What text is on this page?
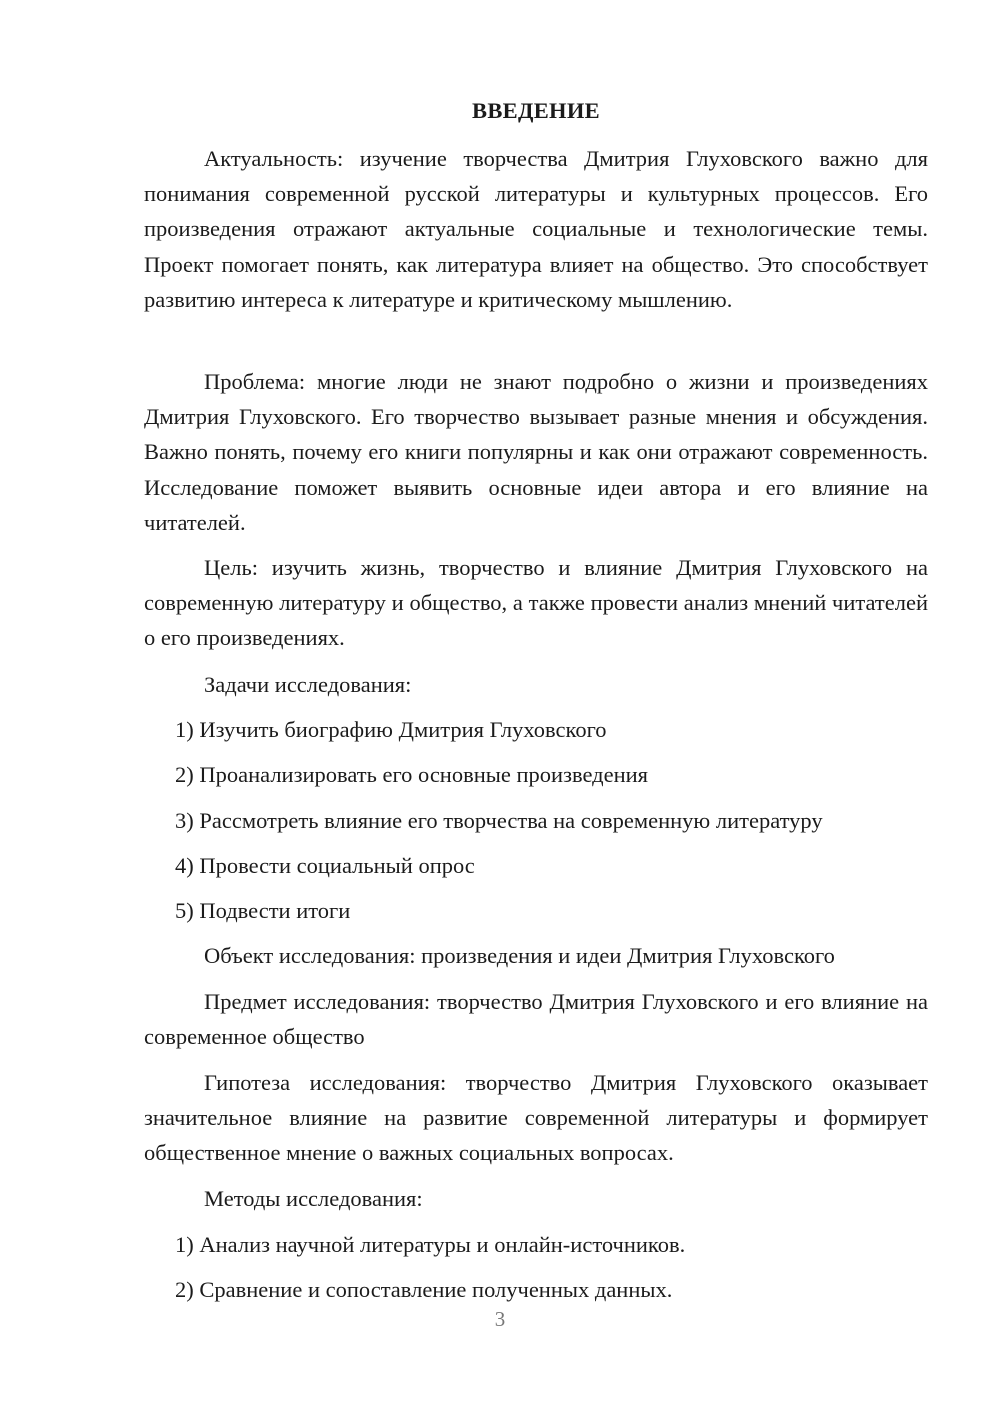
ВВЕДЕНИЕ

Актуальность: изучение творчества Дмитрия Глуховского важно для понимания современной русской литературы и культурных процессов. Его произведения отражают актуальные социальные и технологические темы. Проект помогает понять, как литература влияет на общество. Это способствует развитию интереса к литературе и критическому мышлению.

Проблема: многие люди не знают подробно о жизни и произведениях Дмитрия Глуховского. Его творчество вызывает разные мнения и обсуждения. Важно понять, почему его книги популярны и как они отражают современность. Исследование поможет выявить основные идеи автора и его влияние на читателей.

Цель: изучить жизнь, творчество и влияние Дмитрия Глуховского на современную литературу и общество, а также провести анализ мнений читателей о его произведениях.

Задачи исследования:

1) Изучить биографию Дмитрия Глуховского

2) Проанализировать его основные произведения

3) Рассмотреть влияние его творчества на современную литературу

4) Провести социальный опрос

5) Подвести итоги

Объект исследования: произведения и идеи Дмитрия Глуховского

Предмет исследования: творчество Дмитрия Глуховского и его влияние на современное общество

Гипотеза исследования: творчество Дмитрия Глуховского оказывает значительное влияние на развитие современной литературы и формирует общественное мнение о важных социальных вопросах.

Методы исследования:

1) Анализ научной литературы и онлайн-источников.

2) Сравнение и сопоставление полученных данных.

3
